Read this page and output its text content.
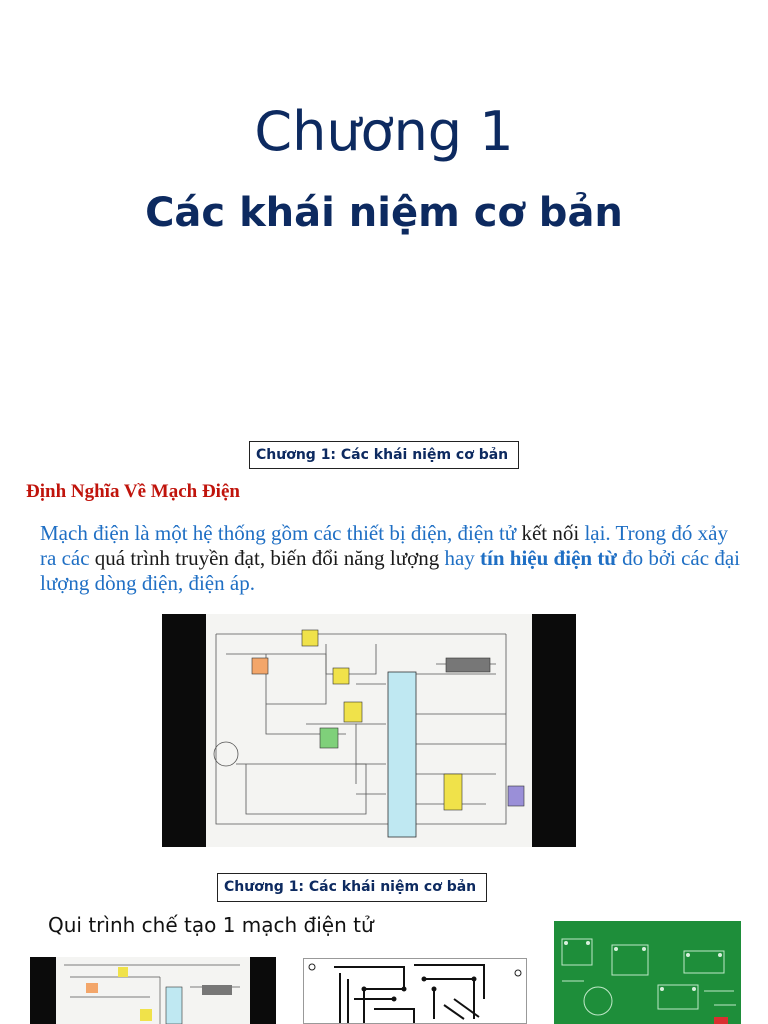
Chương 1
Các khái niệm cơ bản
Chương 1: Các khái niệm cơ bản
Định Nghĩa Về Mạch Điện
Mạch điện là một hệ thống gồm các thiết bị điện, điện tử kết nối lại. Trong đó xảy ra các quá trình truyền đạt, biến đổi năng lượng hay tín hiệu điện từ đo bởi các đại lượng dòng điện, điện áp.
Chương 1: Các khái niệm cơ bản
Qui trình chế tạo 1 mạch điện tử
